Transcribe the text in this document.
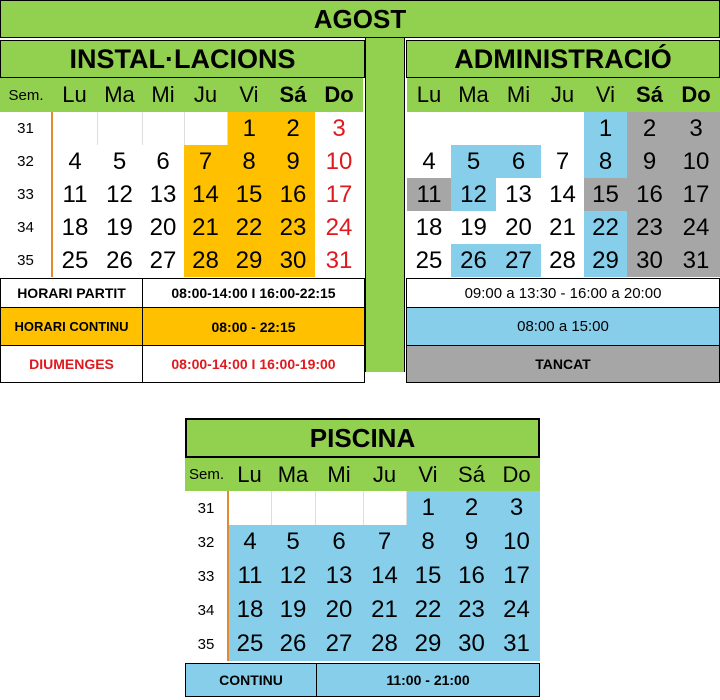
AGOST
INSTAL·LACIONS	ADMINISTRACIÓ
Sem.	Lu	Ma	Mi	Ju	Vi	Sá	Do
31					1	2	3
32	4	5	6	7	8	9	10
33	11	12	13	14	15	16	17
34	18	19	20	21	22	23	24
35	25	26	27	28	29	30	31
Lu	Ma	Mi	Ju	Vi	Sá	Do
				1	2	3
4	5	6	7	8	9	10
11	12	13	14	15	16	17
18	19	20	21	22	23	24
25	26	27	28	29	30	31
HORARI PARTIT	08:00-14:00 I 16:00-22:15
HORARI CONTINU	08:00 - 22:15
DIUMENGES	08:00-14:00 I 16:00-19:00
09:00 a 13:30 - 16:00 a 20:00
08:00 a 15:00
TANCAT
PISCINA
Sem.	Lu	Ma	Mi	Ju	Vi	Sá	Do
31					1	2	3
32	4	5	6	7	8	9	10
33	11	12	13	14	15	16	17
34	18	19	20	21	22	23	24
35	25	26	27	28	29	30	31
CONTINU	11:00 - 21:00
